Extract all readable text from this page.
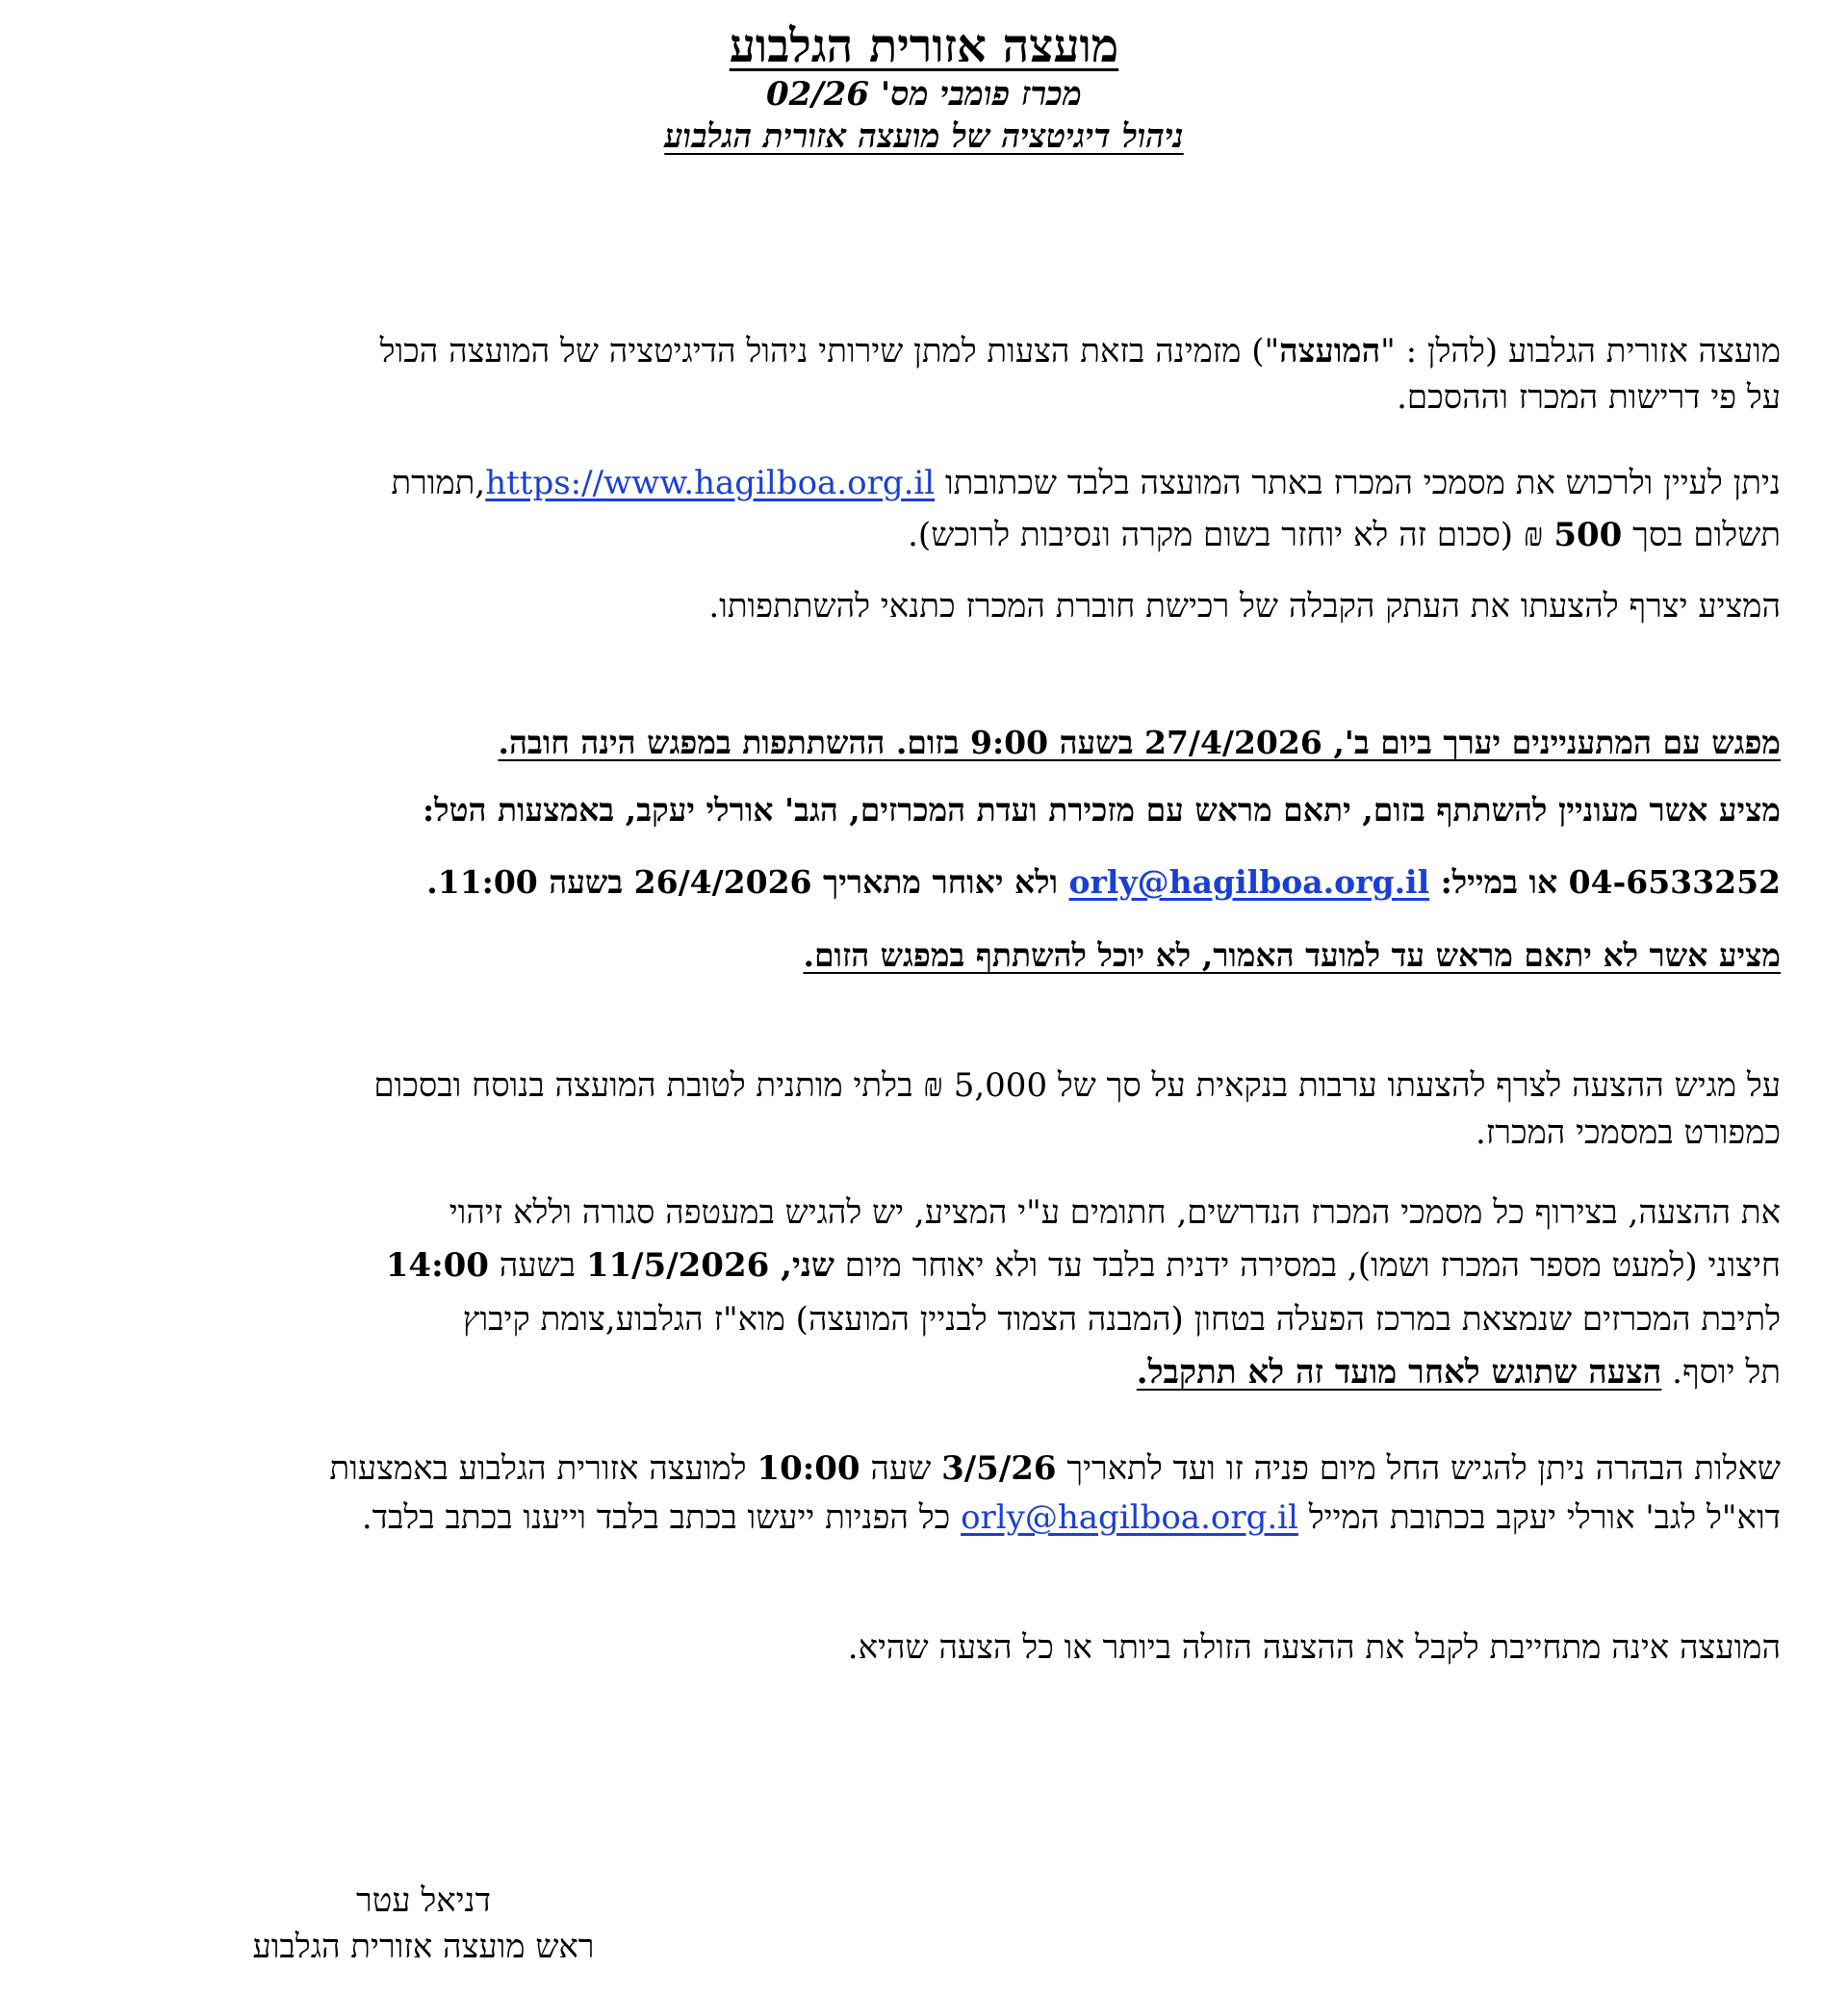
מועצה אזורית הגלבוע
מכרז פומבי מס' 02/26
ניהול דיגיטציה של מועצה אזורית הגלבוע
מועצה אזורית הגלבוע (להלן : "המועצה") מזמינה בזאת הצעות למתן שירותי ניהול הדיגיטציה של המועצה הכול
על פי דרישות המכרז וההסכם.
ניתן לעיין ולרכוש את מסמכי המכרז באתר המועצה בלבד שכתובתו https://www.hagilboa.org.il,תמורת
תשלום בסך 500 ₪ (סכום זה לא יוחזר בשום מקרה ונסיבות לרוכש).
המציע יצרף להצעתו את העתק הקבלה של רכישת חוברת המכרז כתנאי להשתתפותו.
מפגש עם המתעניינים יערך ביום ב', 27/4/2026 בשעה 9:00 בזום. ההשתתפות במפגש הינה חובה.
מציע אשר מעוניין להשתתף בזום, יתאם מראש עם מזכירת ועדת המכרזים, הגב' אורלי יעקב, באמצעות הטל:
04-6533252 או במייל: orly@hagilboa.org.il ולא יאוחר מתאריך 26/4/2026 בשעה 11:00.
מציע אשר לא יתאם מראש עד למועד האמור, לא יוכל להשתתף במפגש הזום.
על מגיש ההצעה לצרף להצעתו ערבות בנקאית על סך של 5,000 ₪ בלתי מותנית לטובת המועצה בנוסח ובסכום
כמפורט במסמכי המכרז.
את ההצעה, בצירוף כל מסמכי המכרז הנדרשים, חתומים ע"י המציע, יש להגיש במעטפה סגורה וללא זיהוי
חיצוני (למעט מספר המכרז ושמו), במסירה ידנית בלבד עד ולא יאוחר מיום שני, 11/5/2026 בשעה 14:00
לתיבת המכרזים שנמצאת במרכז הפעלה בטחון (המבנה הצמוד לבניין המועצה) מוא"ז הגלבוע,צומת קיבוץ
תל יוסף. הצעה שתוגש לאחר מועד זה לא תתקבל.
שאלות הבהרה ניתן להגיש החל מיום פניה זו ועד לתאריך 3/5/26 שעה 10:00 למועצה אזורית הגלבוע באמצעות
דוא"ל לגב' אורלי יעקב בכתובת המייל orly@hagilboa.org.il כל הפניות ייעשו בכתב בלבד וייענו בכתב בלבד.
המועצה אינה מתחייבת לקבל את ההצעה הזולה ביותר או כל הצעה שהיא.
דניאל עטר
ראש מועצה אזורית הגלבוע
